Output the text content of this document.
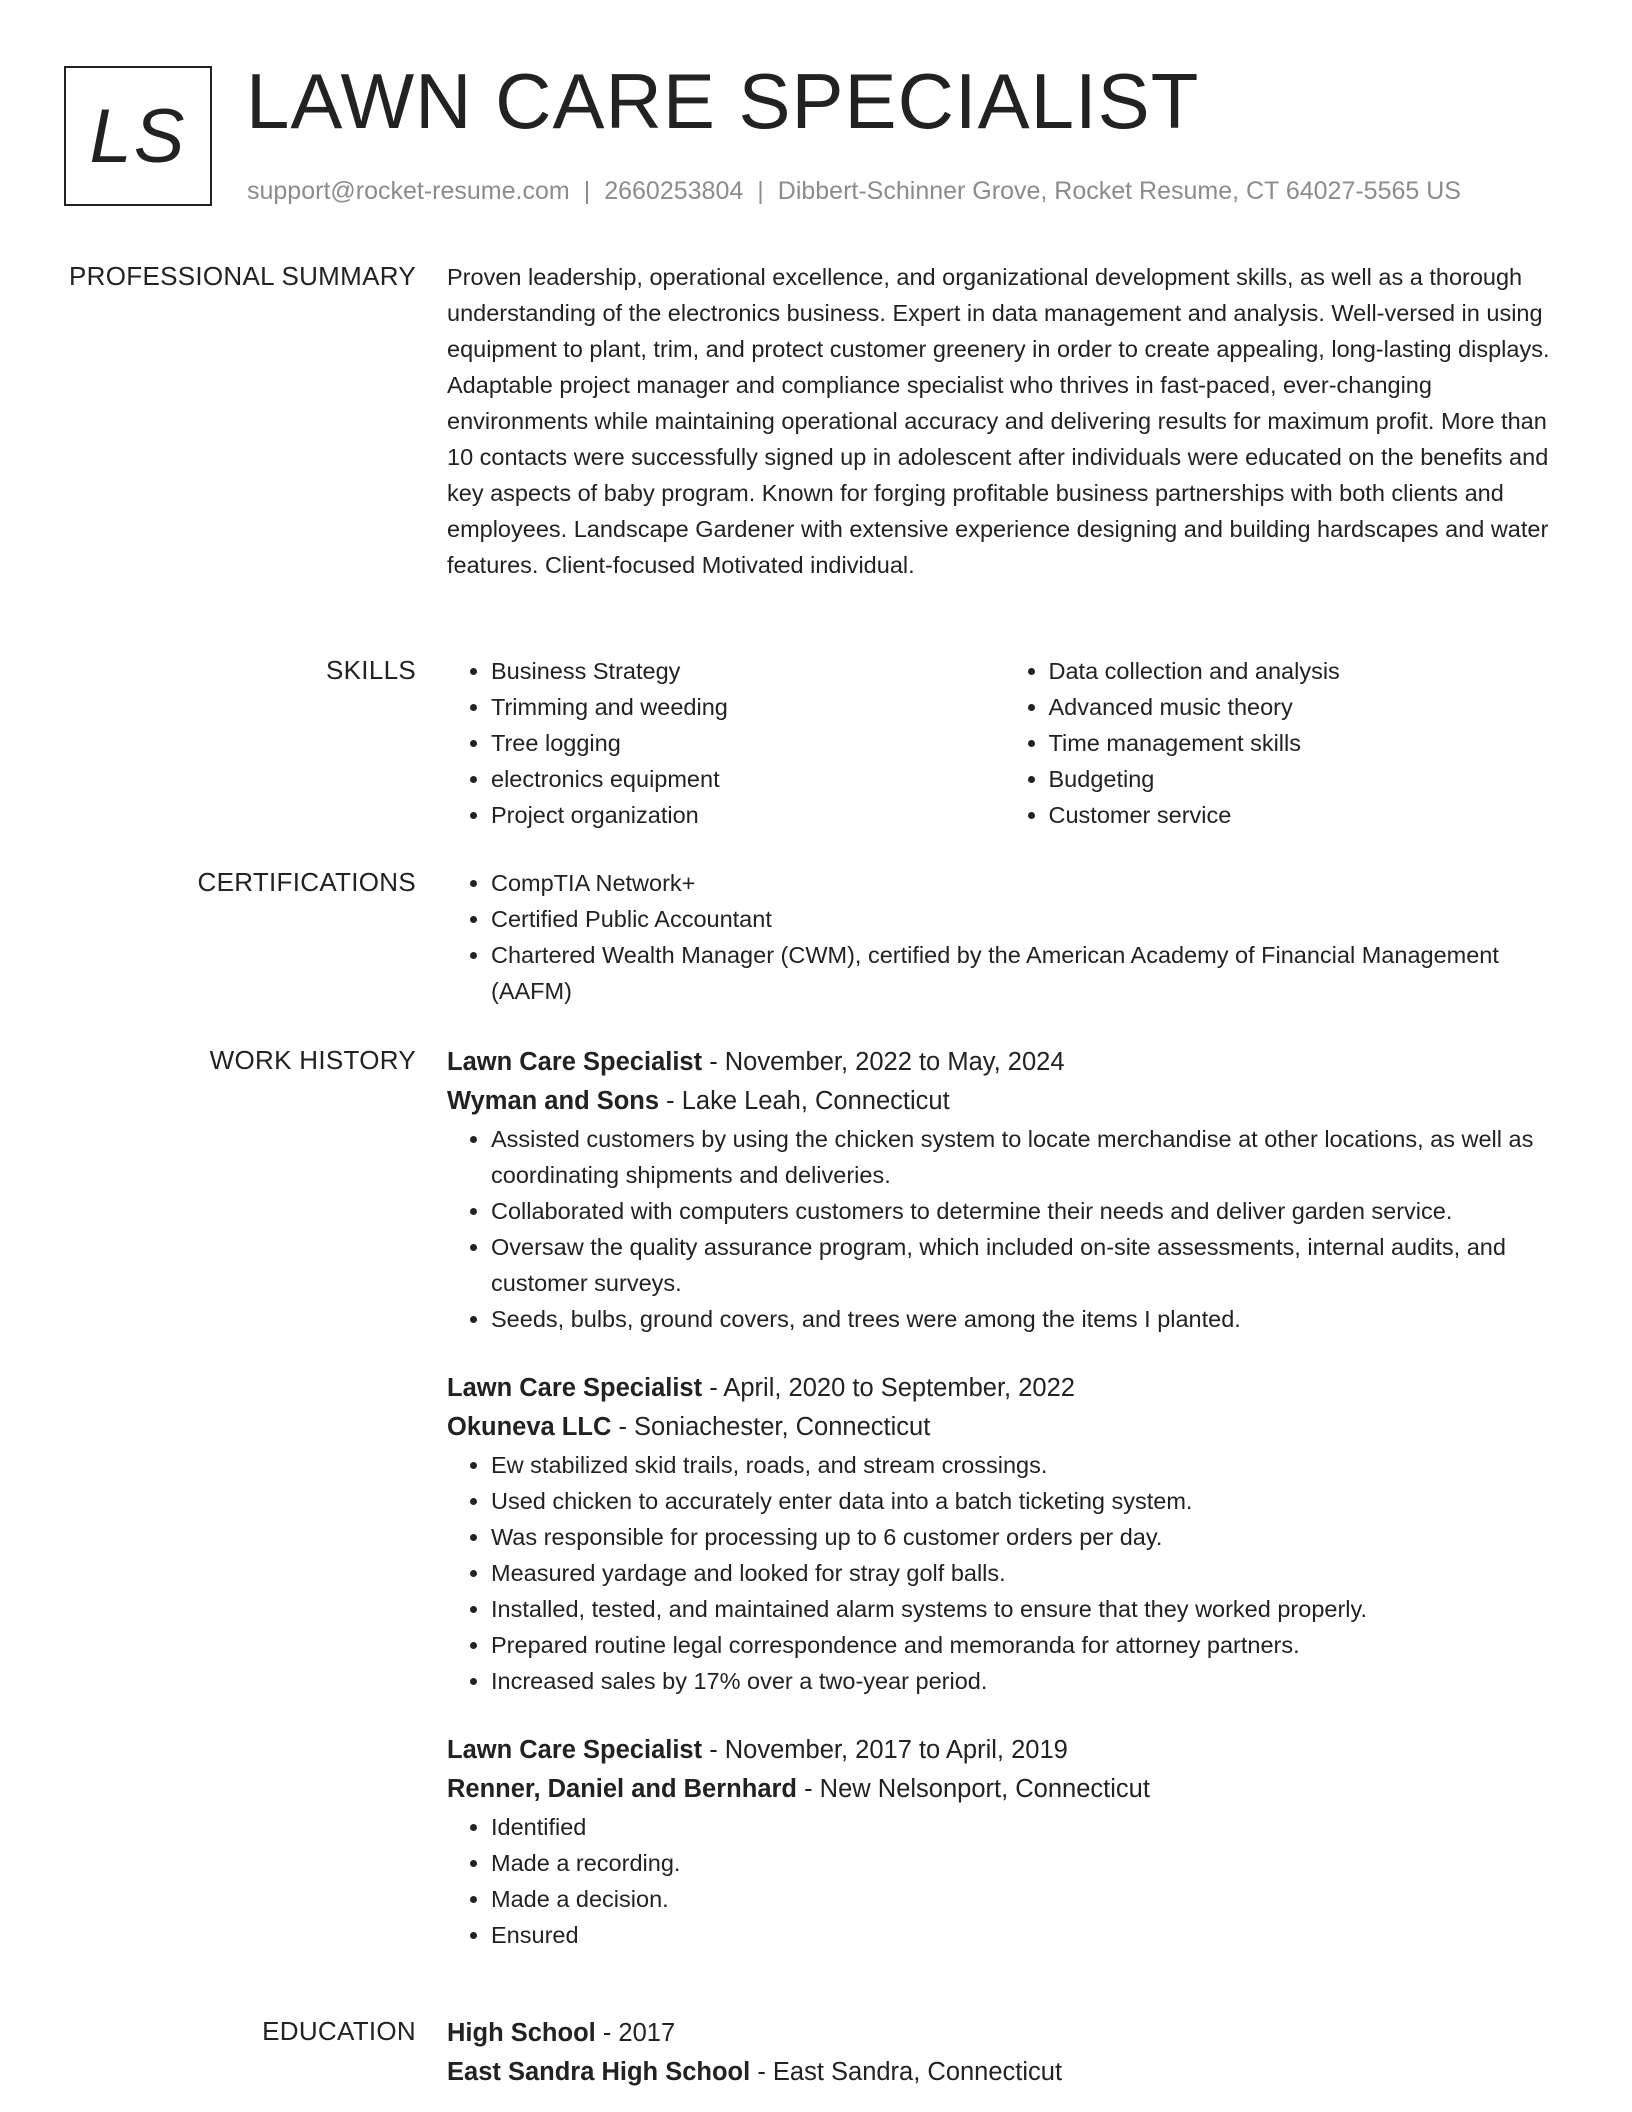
LS LAWN CARE SPECIALIST
support@rocket-resume.com | 2660253804 | Dibbert-Schinner Grove, Rocket Resume, CT 64027-5565 US
PROFESSIONAL SUMMARY Proven leadership, operational excellence, and organizational development skills, as well as a thorough understanding of the electronics business. Expert in data management and analysis. Well-versed in using equipment to plant, trim, and protect customer greenery in order to create appealing, long-lasting displays. Adaptable project manager and compliance specialist who thrives in fast-paced, ever-changing environments while maintaining operational accuracy and delivering results for maximum profit. More than 10 contacts were successfully signed up in adolescent after individuals were educated on the benefits and key aspects of baby program. Known for forging profitable business partnerships with both clients and employees. Landscape Gardener with extensive experience designing and building hardscapes and water features. Client-focused Motivated individual.

SKILLS	• Business Strategy
• Trimming and weeding
• Tree logging
• electronics equipment
• Project organization
• Data collection and analysis
• Advanced music theory
• Time management skills
• Budgeting
• Customer service
CERTIFICATIONS	• CompTIA Network+
• Certified Public Accountant
• Chartered Wealth Manager (CWM), certified by the American Academy of Financial Management (AAFM)
WORK HISTORY Lawn Care Specialist - November, 2022 to May, 2024
Wyman and Sons - Lake Leah, Connecticut
• Assisted customers by using the chicken system to locate merchandise at other locations, as well as coordinating shipments and deliveries.
• Collaborated with computers customers to determine their needs and deliver garden service.
• Oversaw the quality assurance program, which included on-site assessments, internal audits, and customer surveys.
• Seeds, bulbs, ground covers, and trees were among the items I planted.
Lawn Care Specialist - April, 2020 to September, 2022
Okuneva LLC - Soniachester, Connecticut
• Ew stabilized skid trails, roads, and stream crossings.
• Used chicken to accurately enter data into a batch ticketing system.
• Was responsible for processing up to 6 customer orders per day.
• Measured yardage and looked for stray golf balls.
• Installed, tested, and maintained alarm systems to ensure that they worked properly.
• Prepared routine legal correspondence and memoranda for attorney partners.
• Increased sales by 17% over a two-year period.
Lawn Care Specialist - November, 2017 to April, 2019
Renner, Daniel and Bernhard - New Nelsonport, Connecticut
• Identified
• Made a recording.
• Made a decision.
• Ensured
EDUCATION High School - 2017
East Sandra High School - East Sandra, Connecticut
